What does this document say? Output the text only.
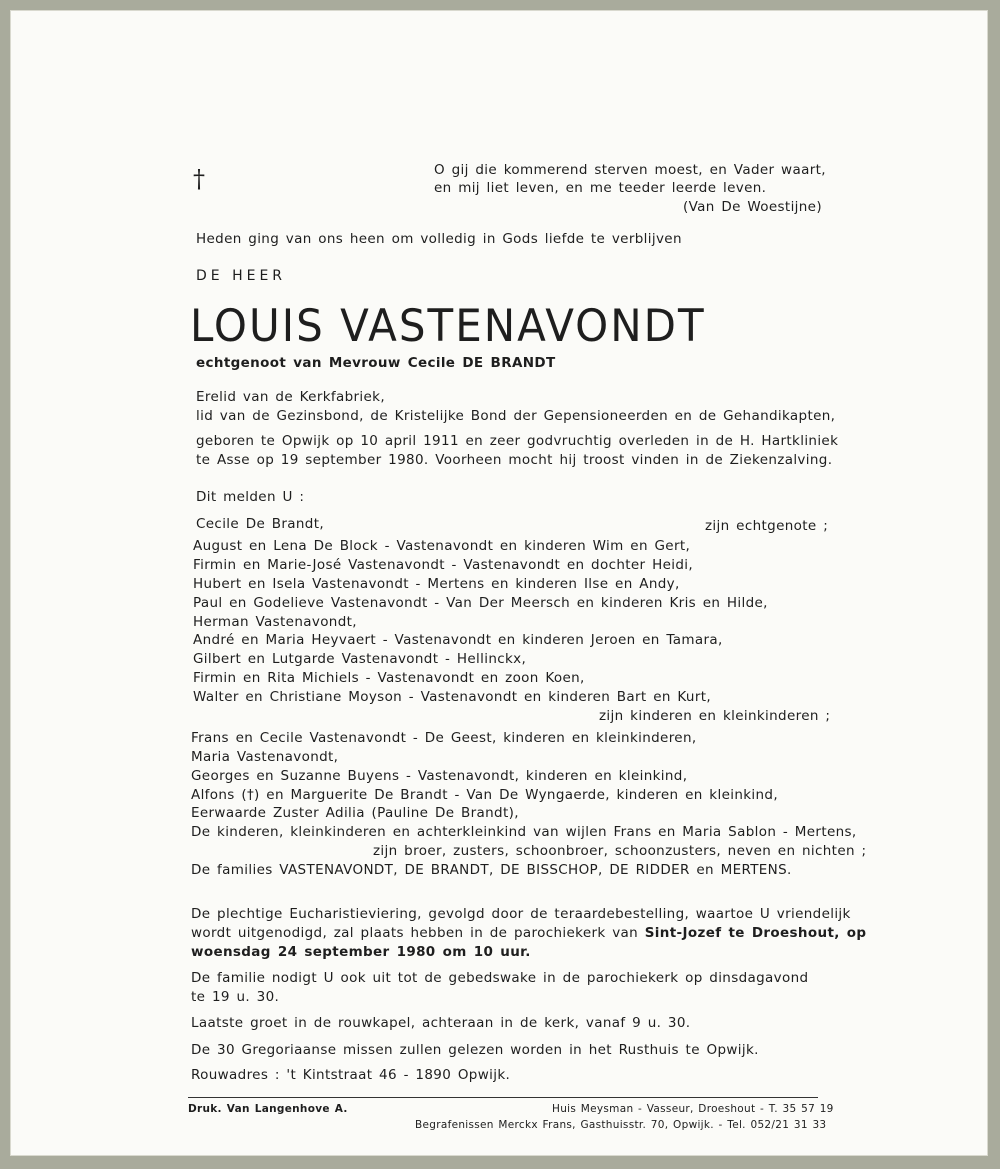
†	O gij die kommerend sterven moest, en Vader waart,
en mij liet leven, en me teeder leerde leven.
(Van De Woestijne)
Heden ging van ons heen om volledig in Gods liefde te verblijven
DE HEER
LOUIS VASTENAVONDT
echtgenoot van Mevrouw Cecile DE BRANDT
Erelid van de Kerkfabriek,
lid van de Gezinsbond, de Kristelijke Bond der Gepensioneerden en de Gehandikapten,
geboren te Opwijk op 10 april 1911 en zeer godvruchtig overleden in de H. Hartkliniek
te Asse op 19 september 1980. Voorheen mocht hij troost vinden in de Ziekenzalving.
Dit melden U :
Cecile De Brandt,	zijn echtgenote ;
August en Lena De Block - Vastenavondt en kinderen Wim en Gert,
Firmin en Marie-José Vastenavondt - Vastenavondt en dochter Heidi,
Hubert en Isela Vastenavondt - Mertens en kinderen Ilse en Andy,
Paul en Godelieve Vastenavondt - Van Der Meersch en kinderen Kris en Hilde,
Herman Vastenavondt,
André en Maria Heyvaert - Vastenavondt en kinderen Jeroen en Tamara,
Gilbert en Lutgarde Vastenavondt - Hellinckx,
Firmin en Rita Michiels - Vastenavondt en zoon Koen,
Walter en Christiane Moyson - Vastenavondt en kinderen Bart en Kurt,
zijn kinderen en kleinkinderen ;
Frans en Cecile Vastenavondt - De Geest, kinderen en kleinkinderen,
Maria Vastenavondt,
Georges en Suzanne Buyens - Vastenavondt, kinderen en kleinkind,
Alfons (†) en Marguerite De Brandt - Van De Wyngaerde, kinderen en kleinkind,
Eerwaarde Zuster Adilia (Pauline De Brandt),
De kinderen, kleinkinderen en achterkleinkind van wijlen Frans en Maria Sablon - Mertens,
zijn broer, zusters, schoonbroer, schoonzusters, neven en nichten ;
De families VASTENAVONDT, DE BRANDT, DE BISSCHOP, DE RIDDER en MERTENS.
De plechtige Eucharistieviering, gevolgd door de teraardebestelling, waartoe U vriendelijk
wordt uitgenodigd, zal plaats hebben in de parochiekerk van Sint-Jozef te Droeshout, op
woensdag 24 september 1980 om 10 uur.
De familie nodigt U ook uit tot de gebedswake in de parochiekerk op dinsdagavond
te 19 u. 30.
Laatste groet in de rouwkapel, achteraan in de kerk, vanaf 9 u. 30.
De 30 Gregoriaanse missen zullen gelezen worden in het Rusthuis te Opwijk.
Rouwadres : 't Kintstraat 46 - 1890 Opwijk.
Druk. Van Langenhove A.	Huis Meysman - Vasseur, Droeshout - T. 35 57 19
Begrafenissen Merckx Frans, Gasthuisstr. 70, Opwijk. - Tel. 052/21 31 33
